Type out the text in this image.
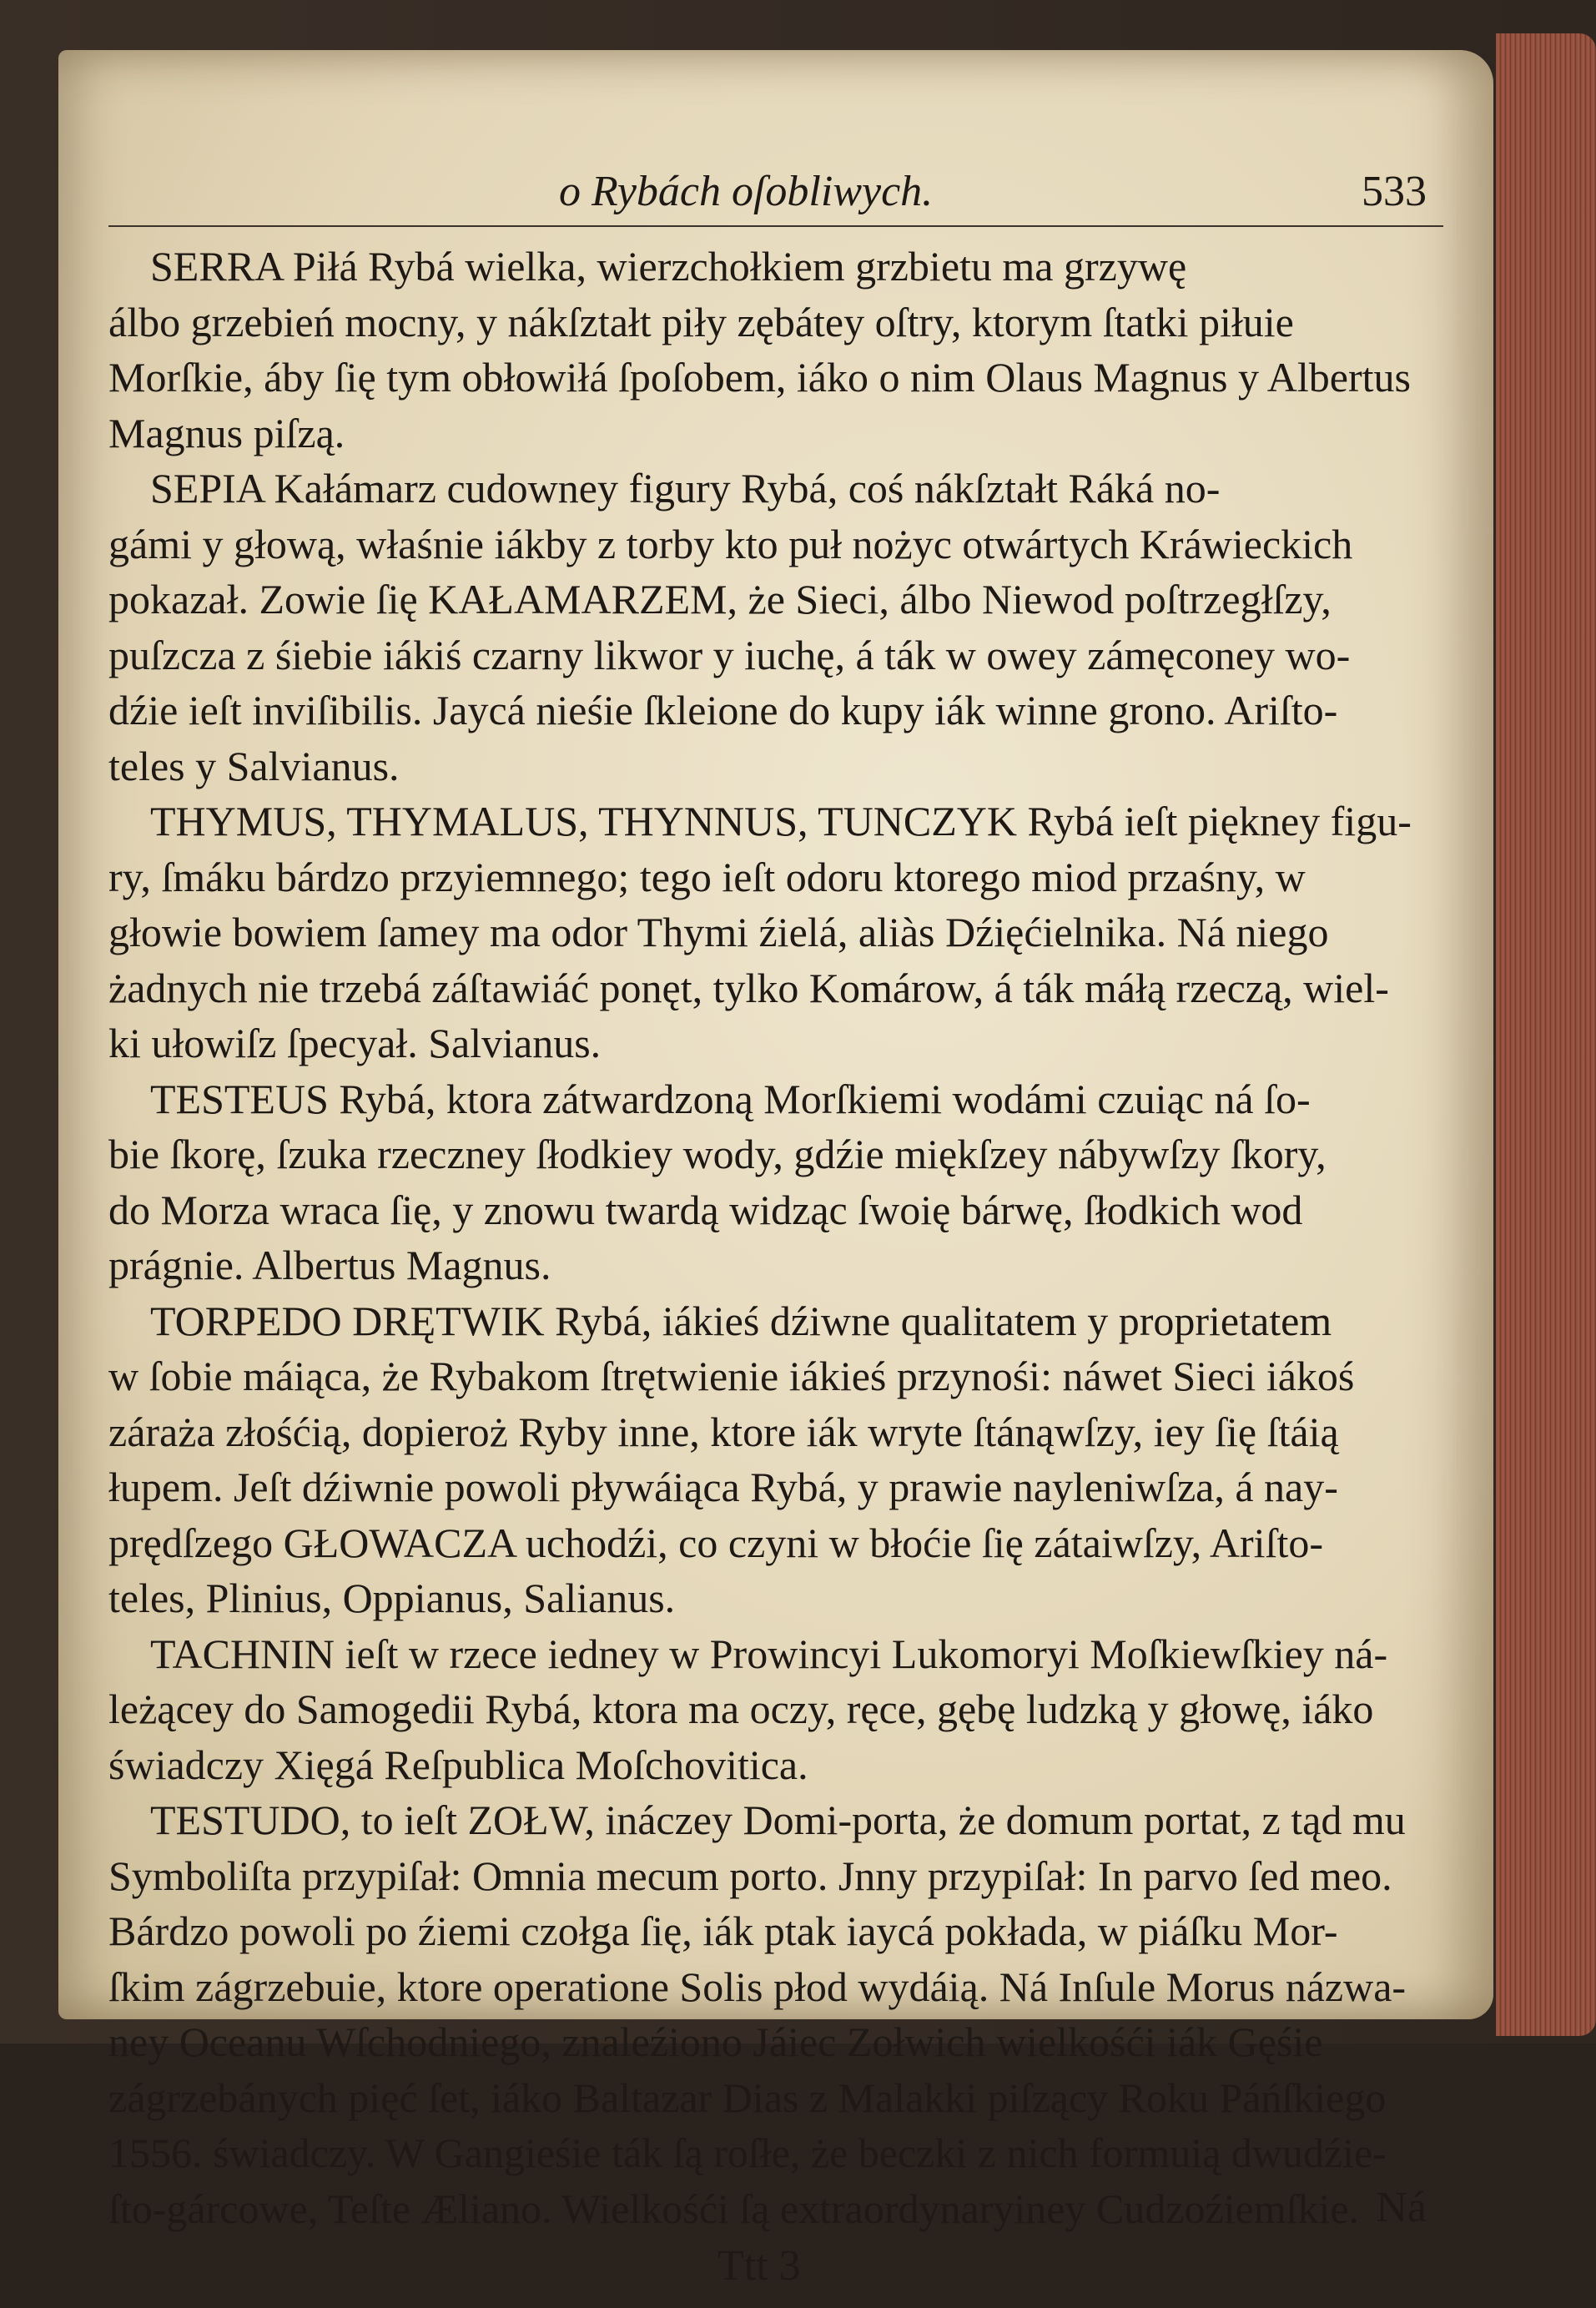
o Rybách oſobliwych.	533
SERRA Piłá Rybá wielka, wierzchołkiem grzbietu ma grzywę
álbo grzebień mocny, y nákſztałt piły zębátey oſtry, ktorym ſtatki piłuie
Morſkie, áby ſię tym obłowiłá ſpoſobem, iáko o nim Olaus Magnus y Albertus
Magnus piſzą.
SEPIA Kałámarz cudowney figury Rybá, coś nákſztałt Ráká no-
gámi y głową, właśnie iákby z torby kto puł nożyc otwártych Kráwieckich
pokazał. Zowie ſię KAŁAMARZEM, że Sieci, álbo Niewod poſtrzegłſzy,
puſzcza z śiebie iákiś czarny likwor y iuchę, á ták w owey zámęconey wo-
dźie ieſt inviſibilis. Jaycá nieśie ſkleione do kupy iák winne grono. Ariſto-
teles y Salvianus.
THYMUS, THYMALUS, THYNNUS, TUNCZYK Rybá ieſt piękney figu-
ry, ſmáku bárdzo przyiemnego; tego ieſt odoru ktorego miod przaśny, w
głowie bowiem ſamey ma odor Thymi źielá, aliàs Dźięćielnika. Ná niego
żadnych nie trzebá záſtawiáć ponęt, tylko Komárow, á ták máłą rzeczą, wiel-
ki ułowiſz ſpecyał. Salvianus.
TESTEUS Rybá, ktora zátwardzoną Morſkiemi wodámi czuiąc ná ſo-
bie ſkorę, ſzuka rzeczney ſłodkiey wody, gdźie miękſzey nábywſzy ſkory,
do Morza wraca ſię, y znowu twardą widząc ſwoię bárwę, ſłodkich wod
prágnie. Albertus Magnus.
TORPEDO DRĘTWIK Rybá, iákieś dźiwne qualitatem y proprietatem
w ſobie máiąca, że Rybakom ſtrętwienie iákieś przynośi: náwet Sieci iákoś
záraża złośćią, dopieroż Ryby inne, ktore iák wryte ſtánąwſzy, iey ſię ſtáią
łupem. Jeſt dźiwnie powoli pływáiąca Rybá, y prawie nayleniwſza, á nay-
prędſzego GŁOWACZA uchodźi, co czyni w błoćie ſię zátaiwſzy, Ariſto-
teles, Plinius, Oppianus, Salianus.
TACHNIN ieſt w rzece iedney w Prowincyi Lukomoryi Moſkiewſkiey ná-
leżącey do Samogedii Rybá, ktora ma oczy, ręce, gębę ludzką y głowę, iáko
świadczy Xięgá Reſpublica Moſchovitica.
TESTUDO, to ieſt ZOŁW, ináczey Domi-porta, że domum portat, z tąd mu
Symboliſta przypiſał: Omnia mecum porto. Jnny przypiſał: In parvo ſed meo.
Bárdzo powoli po źiemi czołga ſię, iák ptak iaycá pokłada, w piáſku Mor-
ſkim zágrzebuie, ktore operatione Solis płod wydáią. Ná Inſule Morus názwa-
ney Oceanu Wſchodniego, znaleźiono Jáiec Zołwich wielkośći iák Gęśie
zágrzebánych pięć ſet, iáko Baltazar Dias z Malakki piſzący Roku Páńſkiego
1556. świadczy. W Gangieśie ták ſą roſłe, że beczki z nich formuią dwudźie-
ſto-gárcowe, Teſte Æliano. Wielkośći ſą extraordynaryiney Cudzoźiemſkie.
Ttt 3
Ná
